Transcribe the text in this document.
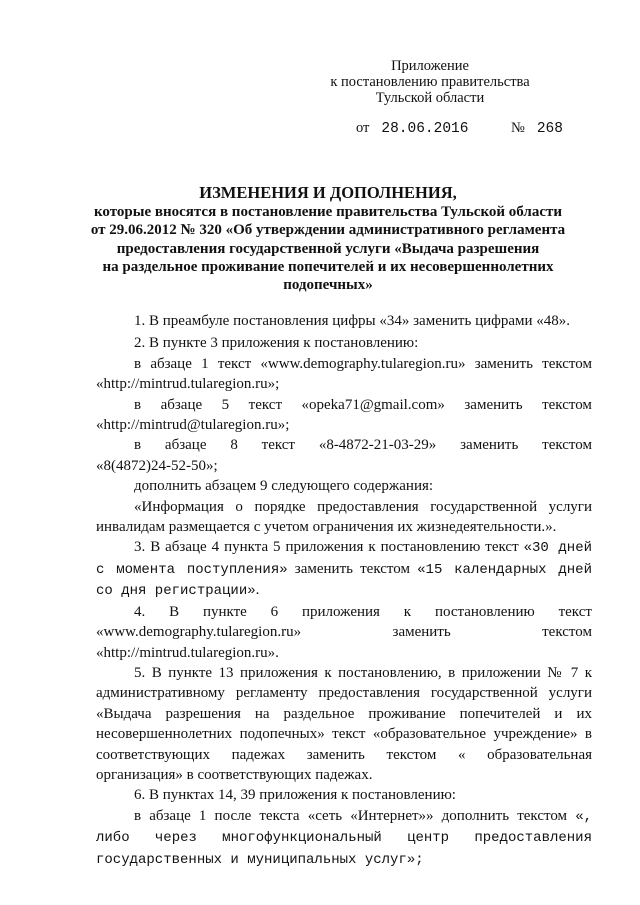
Приложение
к постановлению правительства
Тульской области
от 28.06.2016	№ 268
ИЗМЕНЕНИЯ И ДОПОЛНЕНИЯ,
которые вносятся в постановление правительства Тульской области
от 29.06.2012 № 320 «Об утверждении административного регламента
предоставления государственной услуги «Выдача разрешения
на раздельное проживание попечителей и их несовершеннолетних
подопечных»

1. В преамбуле постановления цифры «34» заменить цифрами «48».

2. В пункте 3 приложения к постановлению:

в абзаце 1 текст «www.demography.tularegion.ru» заменить текстом

«http://mintrud.tularegion.ru»;

в абзаце 5 текст «opeka71@gmail.com» заменить текстом

«http://mintrud@tularegion.ru»;

в абзаце 8 текст «8-4872-21-03-29» заменить текстом

«8(4872)24-52-50»;

дополнить абзацем 9 следующего содержания:

«Информация о порядке предоставления государственной услуги инвалидам размещается с учетом ограничения их жизнедеятельности.».

3. В абзаце 4 пункта 5 приложения к постановлению текст «30 дней с момента поступления» заменить текстом «15 календарных дней со дня регистрации».

4. В пункте 6 приложения к постановлению текст
«www.demography.tularegion.ru»	заменить	текстом

«http://mintrud.tularegion.ru».

5. В пункте 13 приложения к постановлению, в приложении № 7 к административному регламенту предоставления государственной услуги «Выдача разрешения на раздельное проживание попечителей и их несовершеннолетних подопечных» текст «образовательное учреждение» в соответствующих падежах заменить текстом « образовательная организация» в соответствующих падежах.

6. В пунктах 14, 39 приложения к постановлению:

в абзаце 1 после текста «сеть «Интернет»» дополнить текстом «, либо через многофункциональный центр предоставления государственных и муниципальных услуг»;
